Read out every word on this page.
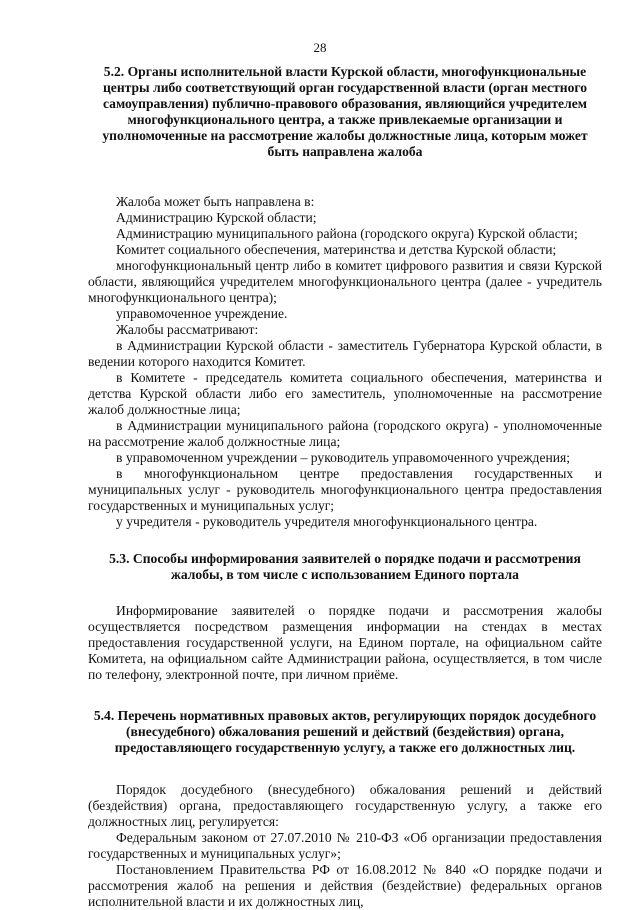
28

5.2. Органы исполнительной власти Курской области, многофункциональные центры либо соответствующий орган государственной власти (орган местного самоуправления) публично-правового образования, являющийся учредителем многофункционального центра, а также привлекаемые организации и уполномоченные на рассмотрение жалобы должностные лица, которым может быть направлена жалоба

Жалоба может быть направлена в:

Администрацию Курской области;

Администрацию муниципального района (городского округа) Курской области;

Комитет социального обеспечения, материнства и детства Курской области;

многофункциональный центр либо в комитет цифрового развития и связи Курской области, являющийся учредителем многофункционального центра (далее - учредитель многофункционального центра);

управомоченное учреждение.

Жалобы рассматривают:

в Администрации Курской области - заместитель Губернатора Курской области, в ведении которого находится Комитет.

в Комитете - председатель комитета социального обеспечения, материнства и детства Курской области либо его заместитель, уполномоченные на рассмотрение жалоб должностные лица;

в Администрации муниципального района (городского округа) - уполномоченные на рассмотрение жалоб должностные лица;

в управомоченном учреждении – руководитель управомоченного учреждения;

в многофункциональном центре предоставления государственных и муниципальных услуг - руководитель многофункционального центра предоставления государственных и муниципальных услуг;

у учредителя - руководитель учредителя многофункционального центра.

5.3. Способы информирования заявителей о порядке подачи и рассмотрения жалобы, в том числе с использованием Единого портала

Информирование заявителей о порядке подачи и рассмотрения жалобы осуществляется посредством размещения информации на стендах в местах предоставления государственной услуги, на Едином портале, на официальном сайте Комитета, на официальном сайте Администрации района, осуществляется, в том числе по телефону, электронной почте, при личном приёме.

5.4. Перечень нормативных правовых актов, регулирующих порядок досудебного (внесудебного) обжалования решений и действий (бездействия) органа, предоставляющего государственную услугу, а также его должностных лиц.

Порядок досудебного (внесудебного) обжалования решений и действий (бездействия) органа, предоставляющего государственную услугу, а также его должностных лиц, регулируется:

Федеральным законом от 27.07.2010 № 210-ФЗ «Об организации предоставления государственных и муниципальных услуг»;

Постановлением Правительства РФ от 16.08.2012 № 840 «О порядке подачи и рассмотрения жалоб на решения и действия (бездействие) федеральных органов исполнительной власти и их должностных лиц,
